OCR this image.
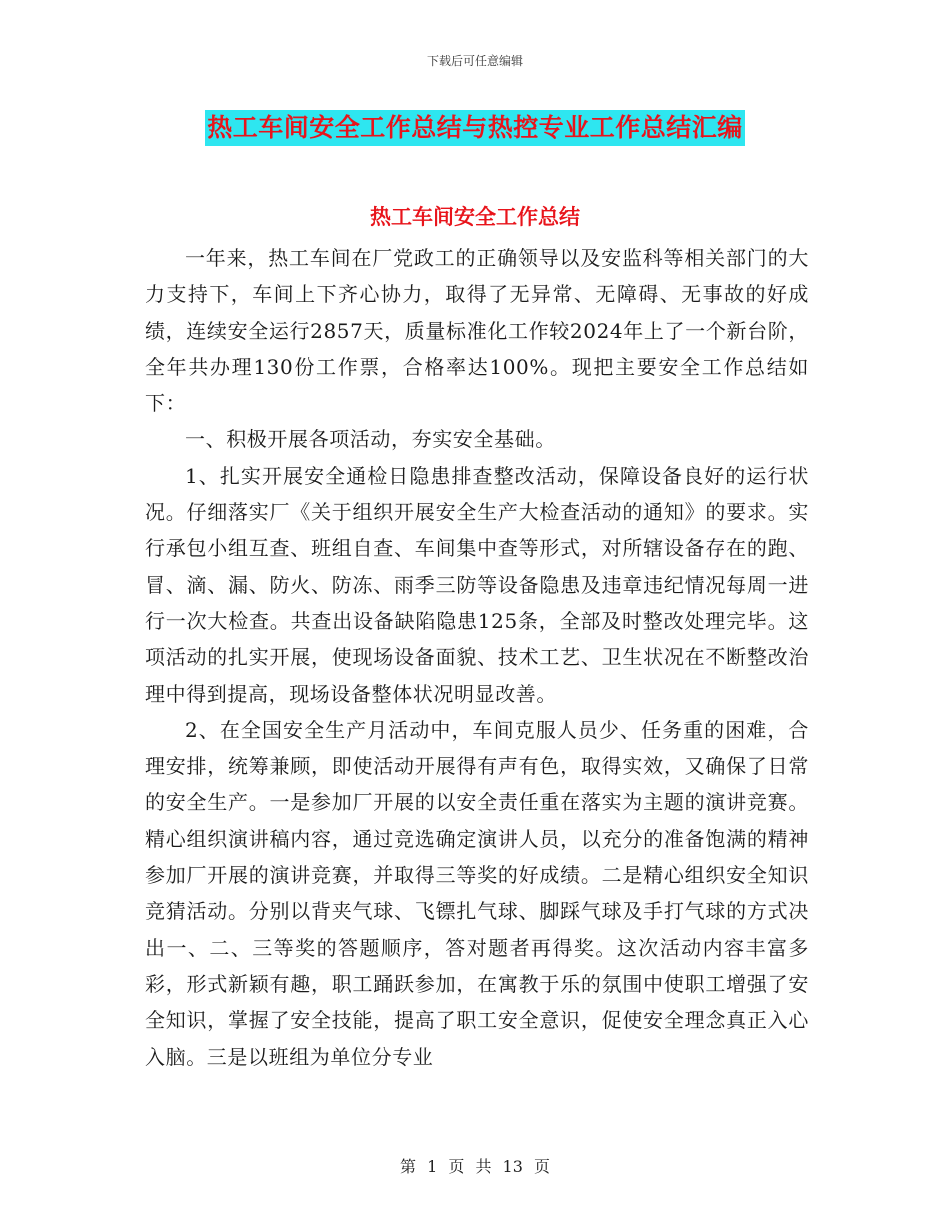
下载后可任意编辑
热工车间安全工作总结与热控专业工作总结汇编
热工车间安全工作总结

一年来，热工车间在厂党政工的正确领导以及安监科等相关部门的大力支持下，车间上下齐心协力，取得了无异常、无障碍、无事故的好成绩，连续安全运行2857天，质量标准化工作较2024年上了一个新台阶，全年共办理130份工作票，合格率达100%。现把主要安全工作总结如下：

一、积极开展各项活动，夯实安全基础。

1、扎实开展安全通检日隐患排查整改活动，保障设备良好的运行状况。仔细落实厂《关于组织开展安全生产大检查活动的通知》的要求。实行承包小组互查、班组自查、车间集中查等形式，对所辖设备存在的跑、冒、滴、漏、防火、防冻、雨季三防等设备隐患及违章违纪情况每周一进行一次大检查。共查出设备缺陷隐患125条，全部及时整改处理完毕。这项活动的扎实开展，使现场设备面貌、技术工艺、卫生状况在不断整改治理中得到提高，现场设备整体状况明显改善。

2、在全国安全生产月活动中，车间克服人员少、任务重的困难，合理安排，统筹兼顾，即使活动开展得有声有色，取得实效，又确保了日常的安全生产。一是参加厂开展的以安全责任重在落实为主题的演讲竞赛。精心组织演讲稿内容，通过竞选确定演讲人员，以充分的准备饱满的精神参加厂开展的演讲竞赛，并取得三等奖的好成绩。二是精心组织安全知识竞猜活动。分别以背夹气球、飞镖扎气球、脚踩气球及手打气球的方式决出一、二、三等奖的答题顺序，答对题者再得奖。这次活动内容丰富多彩，形式新颖有趣，职工踊跃参加，在寓教于乐的氛围中使职工增强了安全知识，掌握了安全技能，提高了职工安全意识，促使安全理念真正入心入脑。三是以班组为单位分专业

第 1 页 共 13 页
